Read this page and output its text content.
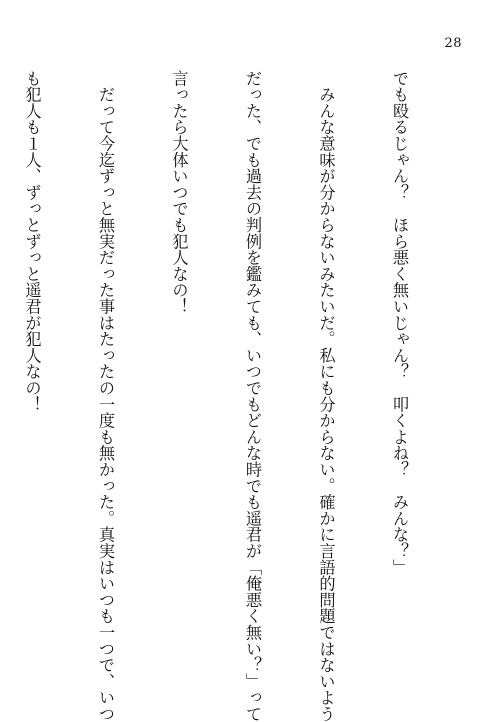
28

でも殴るじゃん？　ほら悪く無いじゃん？　叩くよね？　みんな？」

　みんな意味が分からないみたいだ。私にも分からない。確かに言語的問題ではないよう

だった、でも過去の判例を鑑みても、いつでもどんな時でも遥君が「俺悪く無い？」って

言ったら大体いつでも犯人なの！

　だって今迄ずっと無実だった事はたったの一度も無かった。真実はいつも一つで、いつ

も犯人も１人、ずっとずっと遥君が犯人なの！
